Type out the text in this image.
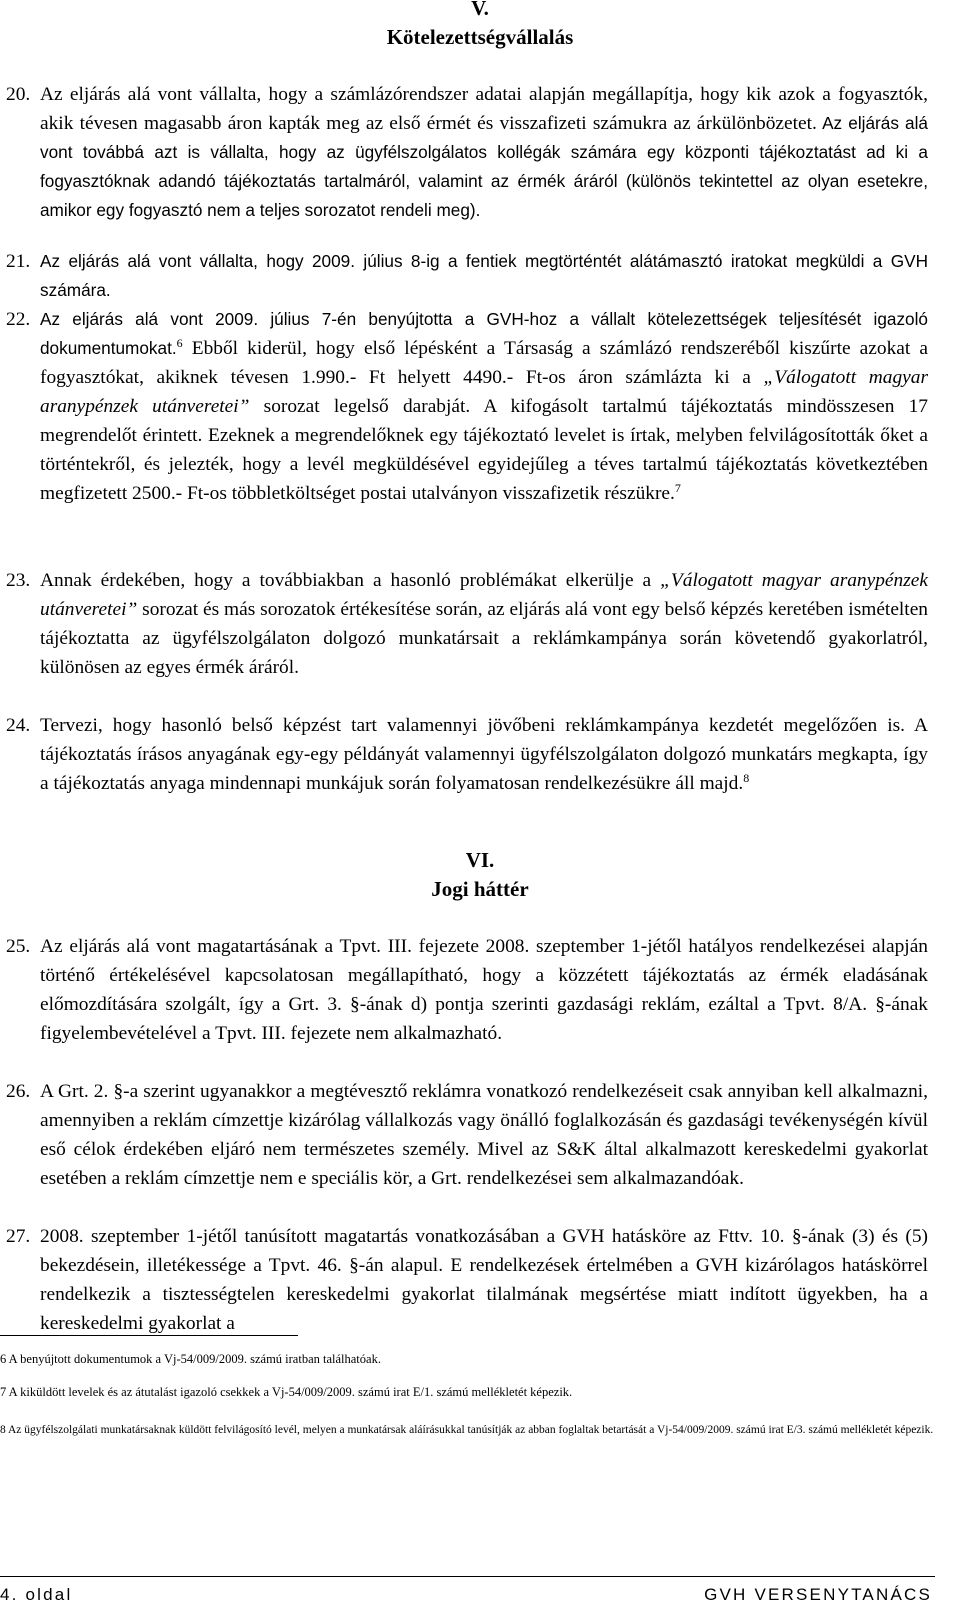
V.
Kötelezettségvállalás
20. Az eljárás alá vont vállalta, hogy a számlázórendszer adatai alapján megállapítja, hogy kik azok a fogyasztók, akik tévesen magasabb áron kapták meg az első érmét és visszafizeti számukra az árkülönbözetet. Az eljárás alá vont továbbá azt is vállalta, hogy az ügyfélszolgálatos kollégák számára egy központi tájékoztatást ad ki a fogyasztóknak adandó tájékoztatás tartalmáról, valamint az érmék áráról (különös tekintettel az olyan esetekre, amikor egy fogyasztó nem a teljes sorozatot rendeli meg).
21. Az eljárás alá vont vállalta, hogy 2009. július 8-ig a fentiek megtörténtét alátámasztó iratokat megküldi a GVH számára.
22. Az eljárás alá vont 2009. július 7-én benyújtotta a GVH-hoz a vállalt kötelezettségek teljesítését igazoló dokumentumokat.$^6$ Ebből kiderül, hogy első lépésként a Társaság a számlázó rendszeréből kiszűrte azokat a fogyasztókat, akiknek tévesen 1.990.- Ft helyett 4490.- Ft-os áron számlázta ki a „Válogatott magyar aranypénzek utánveretei” sorozat legelső darabját. A kifogásolt tartalmú tájékoztatás mindösszesen 17 megrendelőt érintett. Ezeknek a megrendelőknek egy tájékoztató levelet is írtak, melyben felvilágosították őket a történtekről, és jelezték, hogy a levél megküldésével egyidejűleg a téves tartalmú tájékoztatás következtében megfizetett 2500.- Ft-os többletköltséget postai utalványon visszafizetik részükre.$^7$
23. Annak érdekében, hogy a továbbiakban a hasonló problémákat elkerülje a „Válogatott magyar aranypénzek utánveretei” sorozat és más sorozatok értékesítése során, az eljárás alá vont egy belső képzés keretében ismételten tájékoztatta az ügyfélszolgálaton dolgozó munkatársait a reklámkampánya során követendő gyakorlatról, különösen az egyes érmék áráról.
24. Tervezi, hogy hasonló belső képzést tart valamennyi jövőbeni reklámkampánya kezdetét megelőzően is. A tájékoztatás írásos anyagának egy-egy példányát valamennyi ügyfélszolgálaton dolgozó munkatárs megkapta, így a tájékoztatás anyaga mindennapi munkájuk során folyamatosan rendelkezésükre áll majd.$^8$
VI.
Jogi háttér
25. Az eljárás alá vont magatartásának a Tpvt. III. fejezete 2008. szeptember 1-jétől hatályos rendelkezései alapján történő értékelésével kapcsolatosan megállapítható, hogy a közzétett tájékoztatás az érmék eladásának előmozdítására szolgált, így a Grt. 3. §-ának d) pontja szerinti gazdasági reklám, ezáltal a Tpvt. 8/A. §-ának figyelembevételével a Tpvt. III. fejezete nem alkalmazható.
26. A Grt. 2. §-a szerint ugyanakkor a megtévesztő reklámra vonatkozó rendelkezéseit csak annyiban kell alkalmazni, amennyiben a reklám címzettje kizárólag vállalkozás vagy önálló foglalkozásán és gazdasági tevékenységén kívül eső célok érdekében eljáró nem természetes személy. Mivel az S&K által alkalmazott kereskedelmi gyakorlat esetében a reklám címzettje nem e speciális kör, a Grt. rendelkezései sem alkalmazandóak.
27. 2008. szeptember 1-jétől tanúsított magatartás vonatkozásában a GVH hatásköre az Fttv. 10. §-ának (3) és (5) bekezdésein, illetékessége a Tpvt. 46. §-án alapul. E rendelkezések értelmében a GVH kizárólagos hatáskörrel rendelkezik a tisztességtelen kereskedelmi gyakorlat tilalmának megsértése miatt indított ügyekben, ha a kereskedelmi gyakorlat a
6 A benyújtott dokumentumok a Vj-54/009/2009. számú iratban találhatóak.
7 A kiküldött levelek és az átutalást igazoló csekkek a Vj-54/009/2009. számú irat E/1. számú mellékletét képezik.
8 Az ügyfélszolgálati munkatársaknak küldött felvilágosító levél, melyen a munkatársak aláírásukkal tanúsítják az abban foglaltak betartását a Vj-54/009/2009. számú irat E/3. számú mellékletét képezik.
4. oldal	GVH VERSENYTANÁCS
